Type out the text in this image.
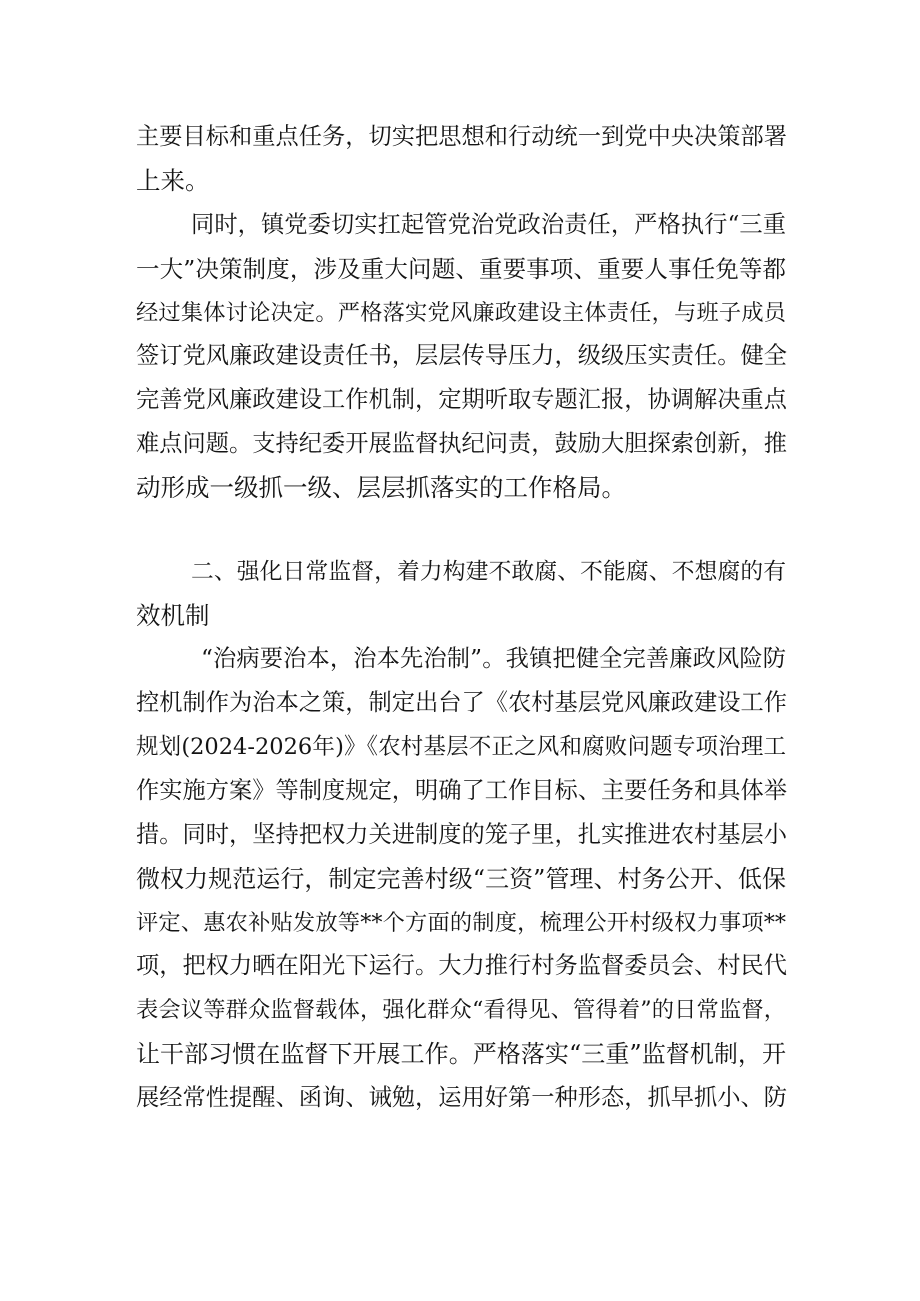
主要目标和重点任务，切实把思想和行动统一到党中央决策部署
上来。
同时，镇党委切实扛起管党治党政治责任，严格执行“三重
一大”决策制度，涉及重大问题、重要事项、重要人事任免等都
经过集体讨论决定。严格落实党风廉政建设主体责任，与班子成员
签订党风廉政建设责任书，层层传导压力，级级压实责任。健全
完善党风廉政建设工作机制，定期听取专题汇报，协调解决重点
难点问题。支持纪委开展监督执纪问责，鼓励大胆探索创新，推
动形成一级抓一级、层层抓落实的工作格局。
二、强化日常监督，着力构建不敢腐、不能腐、不想腐的有
效机制
“治病要治本，治本先治制”。我镇把健全完善廉政风险防
控机制作为治本之策，制定出台了《农村基层党风廉政建设工作
规划(2024-2026年)》《农村基层不正之风和腐败问题专项治理工
作实施方案》等制度规定，明确了工作目标、主要任务和具体举
措。同时，坚持把权力关进制度的笼子里，扎实推进农村基层小
微权力规范运行，制定完善村级“三资”管理、村务公开、低保
评定、惠农补贴发放等**个方面的制度，梳理公开村级权力事项**
项，把权力晒在阳光下运行。大力推行村务监督委员会、村民代
表会议等群众监督载体，强化群众“看得见、管得着”的日常监督，
让干部习惯在监督下开展工作。严格落实“三重”监督机制，开
展经常性提醒、函询、诫勉，运用好第一种形态，抓早抓小、防
